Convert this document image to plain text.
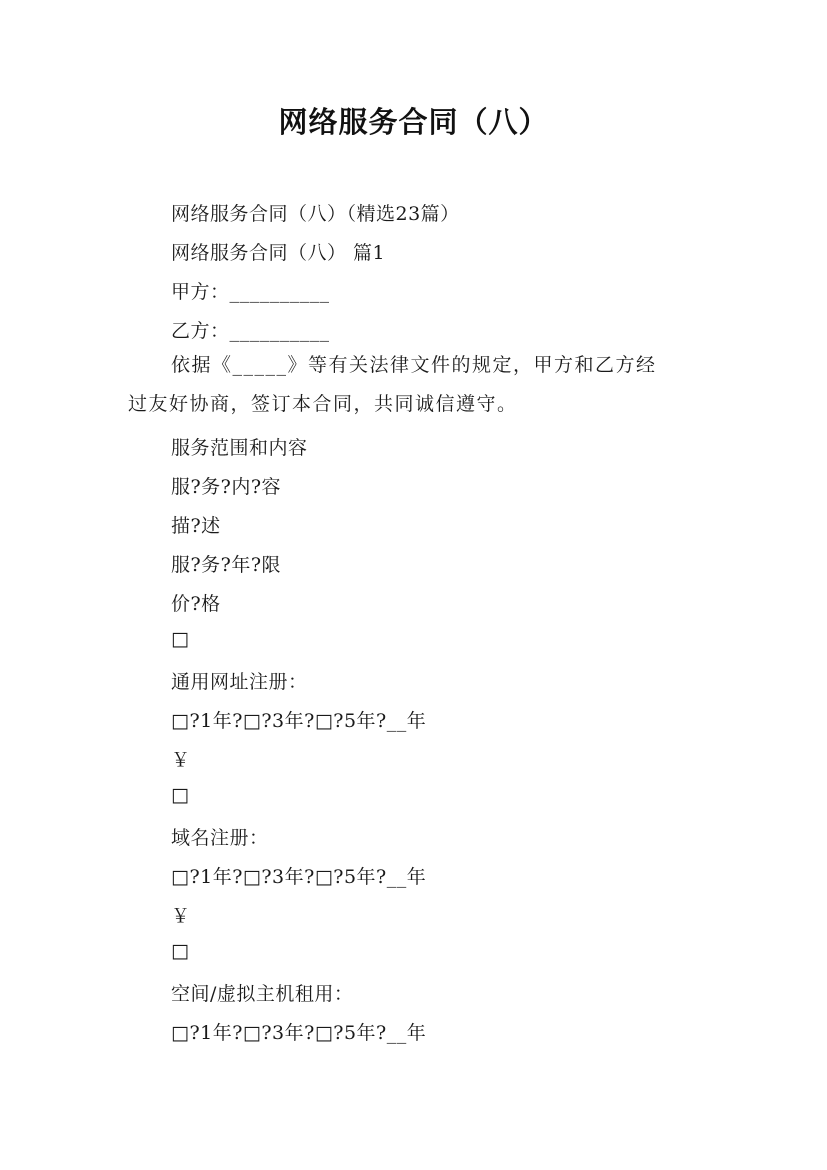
网络服务合同（八）
网络服务合同（八）（精选23篇）
网络服务合同（八） 篇1
甲方：__________
乙方：__________
依据《_____》等有关法律文件的规定，甲方和乙方经
过友好协商，签订本合同，共同诚信遵守。
服务范围和内容
服?务?内?容
描?述
服?务?年?限
价?格
□
通用网址注册：
□?1年?□?3年?□?5年?__年
￥
□
域名注册：
□?1年?□?3年?□?5年?__年
￥
□
空间/虚拟主机租用：
□?1年?□?3年?□?5年?__年
